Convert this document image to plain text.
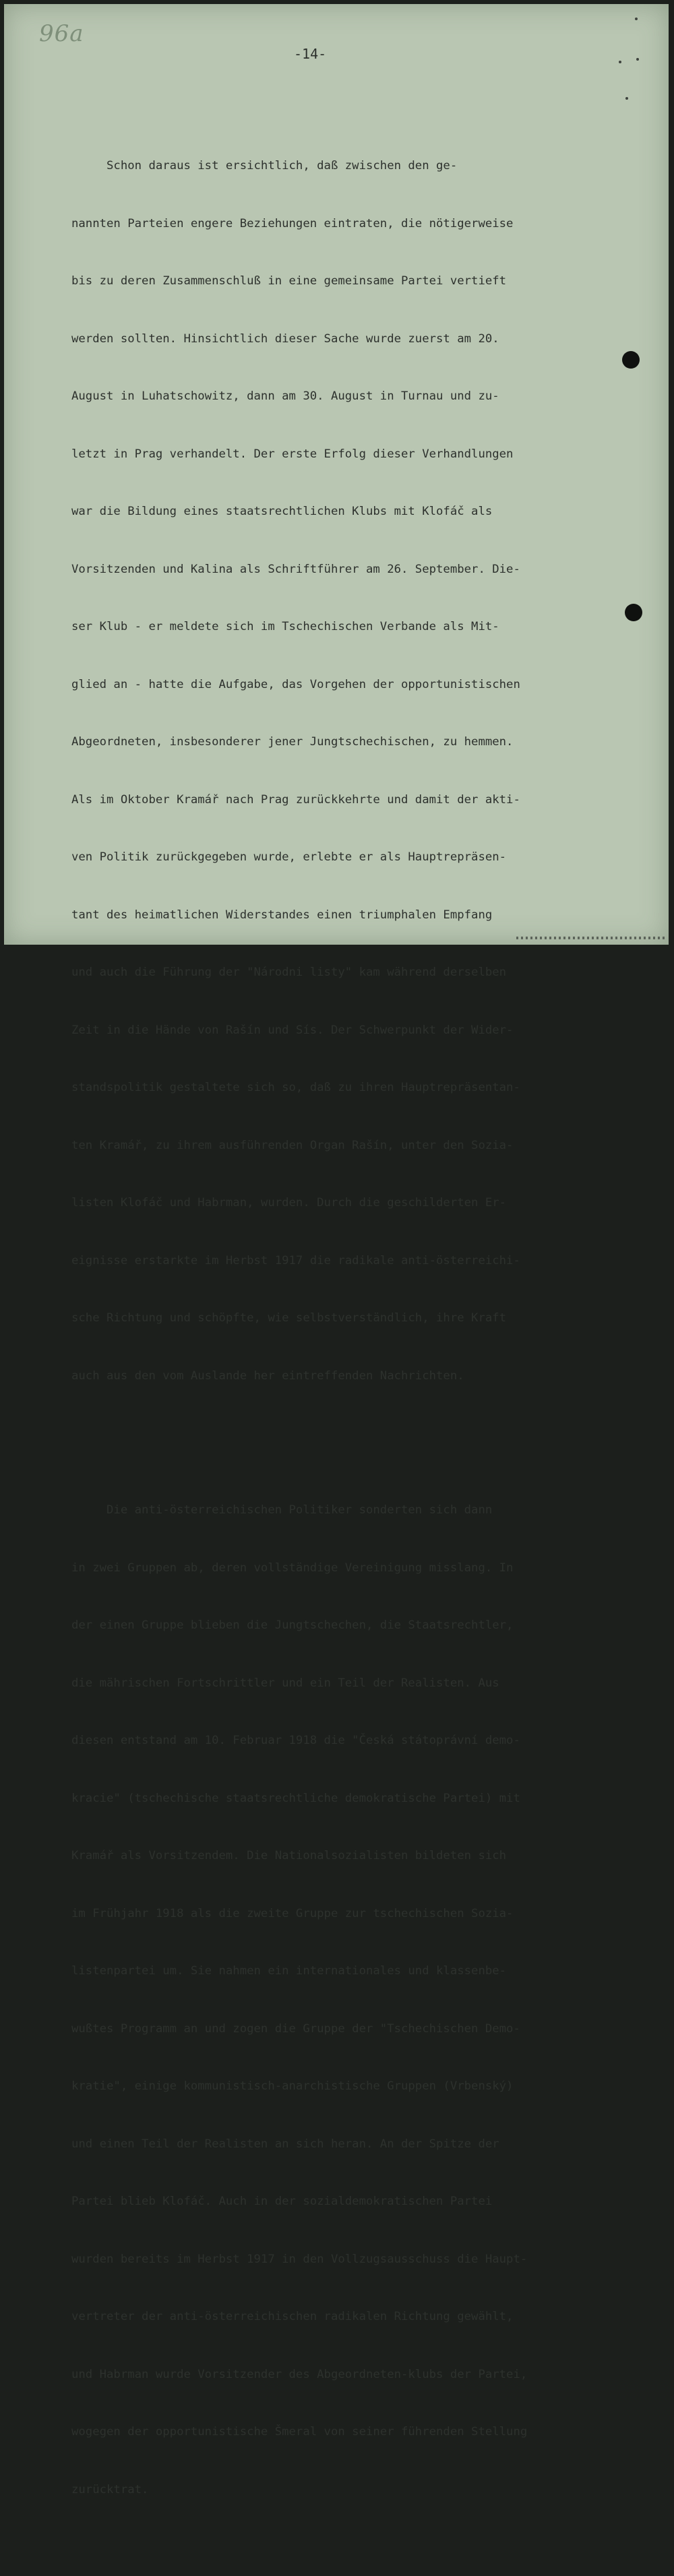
96a
-14-

Schon daraus ist ersichtlich, daß zwischen den ge-

nannten Parteien engere Beziehungen eintraten, die nötigerweise

bis zu deren Zusammenschluß in eine gemeinsame Partei vertieft

werden sollten. Hinsichtlich dieser Sache wurde zuerst am 20.

August in Luhatschowitz, dann am 30. August in Turnau und zu-

letzt in Prag verhandelt. Der erste Erfolg dieser Verhandlungen

war die Bildung eines staatsrechtlichen Klubs mit Klofáč als

Vorsitzenden und Kalina als Schriftführer am 26. September. Die-

ser Klub - er meldete sich im Tschechischen Verbande als Mit-

glied an - hatte die Aufgabe, das Vorgehen der opportunistischen

Abgeordneten, insbesonderer jener Jungtschechischen, zu hemmen.

Als im Oktober Kramář nach Prag zurückkehrte und damit der akti-

ven Politik zurückgegeben wurde, erlebte er als Hauptrepräsen-

tant des heimatlichen Widerstandes einen triumphalen Empfang

und auch die Führung der "Národni listy" kam während derselben

Zeit in die Hände von Rašín und Sís. Der Schwerpunkt der Wider-

standspolitik gestaltete sich so, daß zu ihren Hauptrepräsentan-

ten Kramář, zu ihrem ausführenden Organ Rašín, unter den Sozia-

listen Klofáč und Habrman, wurden. Durch die geschilderten Er-

eignisse erstarkte im Herbst 1917 die radikale anti-österreichi-

sche Richtung und schöpfte, wie selbstverständlich, ihre Kraft

auch aus den vom Auslande her eintreffenden Nachrichten.

Die anti-österreichischen Politiker sonderten sich dann

in zwei Gruppen ab, deren vollständige Vereinigung misslang. In

der einen Gruppe blieben die Jungtschechen, die Staatsrechtler,

die mährischen Fortschrittler und ein Teil der Realisten. Aus

diesen entstand am 10. Februar 1918 die "Česká státoprávní demo-

kracie" (tschechische staatsrechtliche demokratische Partei) mit

Kramář als Vorsitzendem. Die Nationalsozialisten bildeten sich

im Frühjahr 1918 als die zweite Gruppe zur tschechischen Sozia-

listenpartei um. Sie nahmen ein internationales und klassenbe-

wußtes Programm an und zogen die Gruppe der "Tschechischen Demo-

kratie", einige kommunistisch-anarchistische Gruppen (Vrbenský)

und einen Teil der Realisten an sich heran. An der Spitze der

Partei blieb Klofáč. Auch in der sozialdemokratischen Partei

wurden bereits im Herbst 1917 in den Vollzugsausschuss die Haupt-

vertreter der anti-österreichischen radikalen Richtung gewählt,

und Habrman wurde Vorsitzender des Abgeordneten-klubs der Partei,

wogegen der opportunistische Šmeral von seiner führenden Stellung

zurücktrat.
